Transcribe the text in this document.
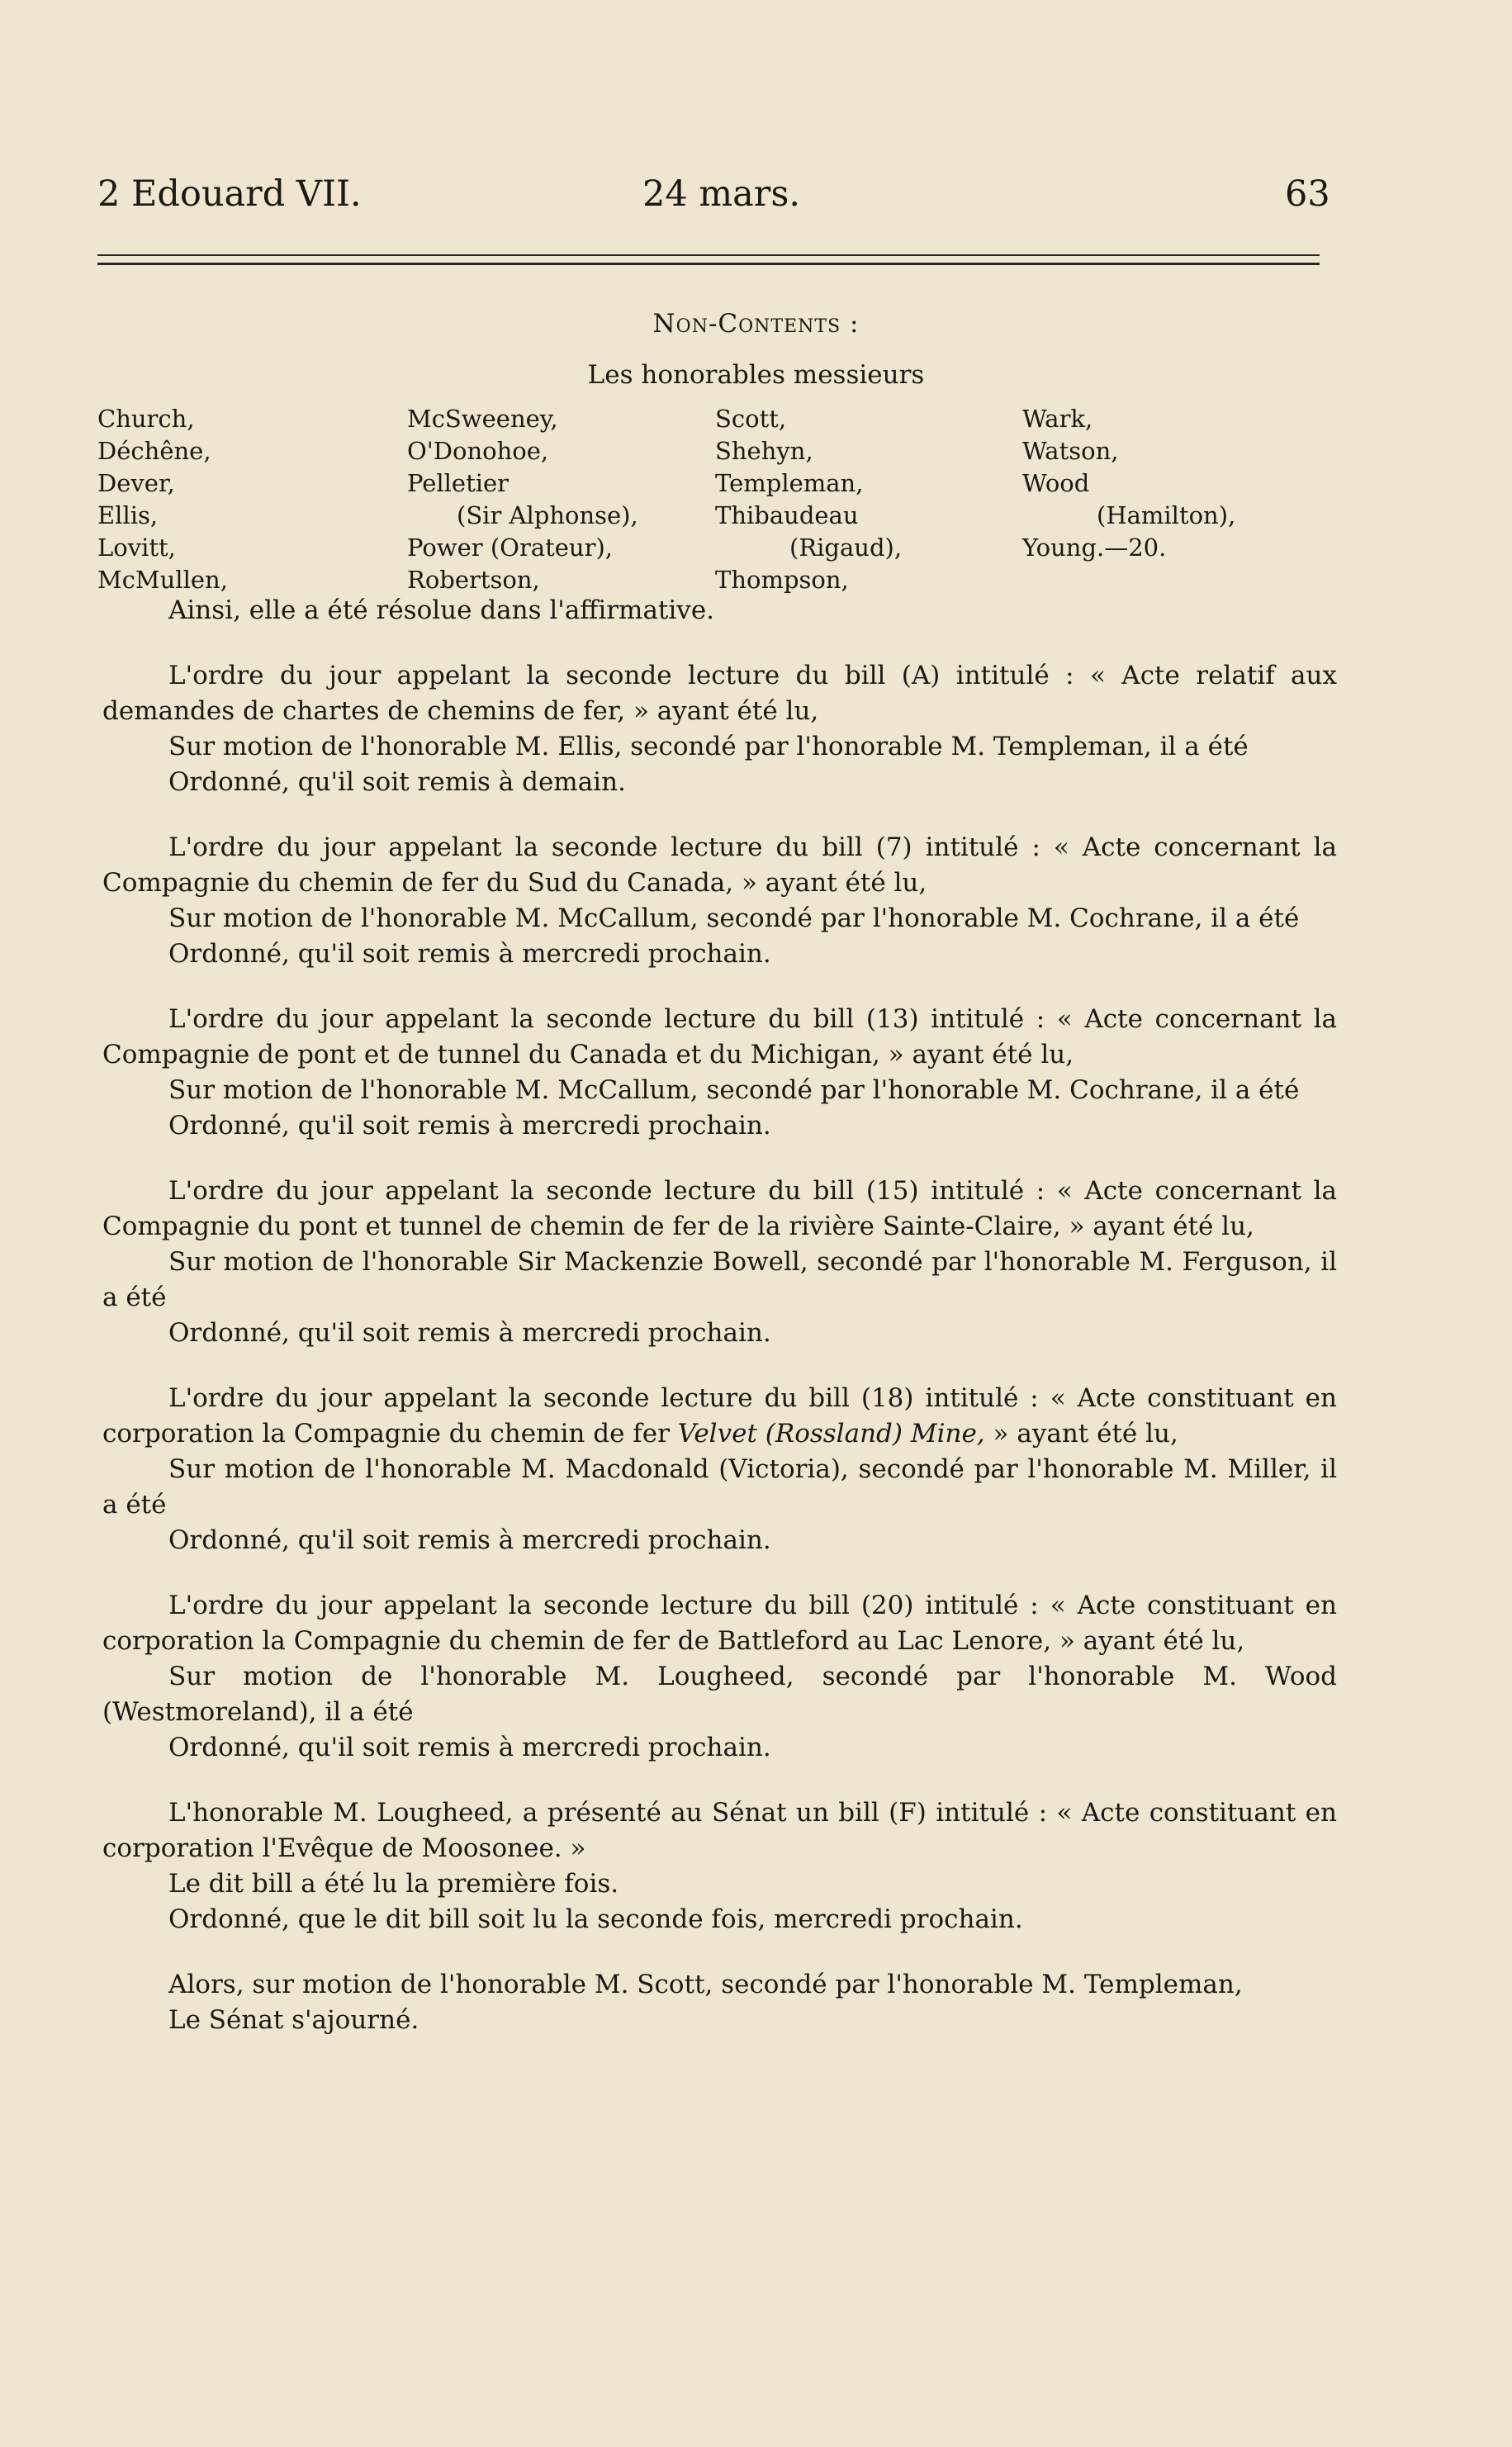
2 Edouard VII.	24 mars.	63
Non-Contents :
Les honorables messieurs
Church,
Déchêne,
Dever,
Ellis,
Lovitt,
McMullen,
McSweeney,
O'Donohoe,
Pelletier
(Sir Alphonse),
Power (Orateur),
Robertson,
Scott,
Shehyn,
Templeman,
Thibaudeau
(Rigaud),
Thompson,
Wark,
Watson,
Wood
(Hamilton),
Young.—20.

Ainsi, elle a été résolue dans l'affirmative.

L'ordre du jour appelant la seconde lecture du bill (A) intitulé : « Acte relatif aux demandes de chartes de chemins de fer, » ayant été lu,

Sur motion de l'honorable M. Ellis, secondé par l'honorable M. Templeman, il a été

Ordonné, qu'il soit remis à demain.

L'ordre du jour appelant la seconde lecture du bill (7) intitulé : « Acte concernant la Compagnie du chemin de fer du Sud du Canada, » ayant été lu,

Sur motion de l'honorable M. McCallum, secondé par l'honorable M. Cochrane, il a été

Ordonné, qu'il soit remis à mercredi prochain.

L'ordre du jour appelant la seconde lecture du bill (13) intitulé : « Acte concernant la Compagnie de pont et de tunnel du Canada et du Michigan, » ayant été lu,

Sur motion de l'honorable M. McCallum, secondé par l'honorable M. Cochrane, il a été

Ordonné, qu'il soit remis à mercredi prochain.

L'ordre du jour appelant la seconde lecture du bill (15) intitulé : « Acte concernant la Compagnie du pont et tunnel de chemin de fer de la rivière Sainte-Claire, » ayant été lu,

Sur motion de l'honorable Sir Mackenzie Bowell, secondé par l'honorable M. Ferguson, il a été

Ordonné, qu'il soit remis à mercredi prochain.

L'ordre du jour appelant la seconde lecture du bill (18) intitulé : « Acte constituant en corporation la Compagnie du chemin de fer Velvet (Rossland) Mine, » ayant été lu,

Sur motion de l'honorable M. Macdonald (Victoria), secondé par l'honorable M. Miller, il a été

Ordonné, qu'il soit remis à mercredi prochain.

L'ordre du jour appelant la seconde lecture du bill (20) intitulé : « Acte constituant en corporation la Compagnie du chemin de fer de Battleford au Lac Lenore, » ayant été lu,

Sur motion de l'honorable M. Lougheed, secondé par l'honorable M. Wood (Westmoreland), il a été

Ordonné, qu'il soit remis à mercredi prochain.

L'honorable M. Lougheed, a présenté au Sénat un bill (F) intitulé : « Acte constituant en corporation l'Evêque de Moosonee. »

Le dit bill a été lu la première fois.

Ordonné, que le dit bill soit lu la seconde fois, mercredi prochain.

Alors, sur motion de l'honorable M. Scott, secondé par l'honorable M. Templeman,

Le Sénat s'ajourné.
